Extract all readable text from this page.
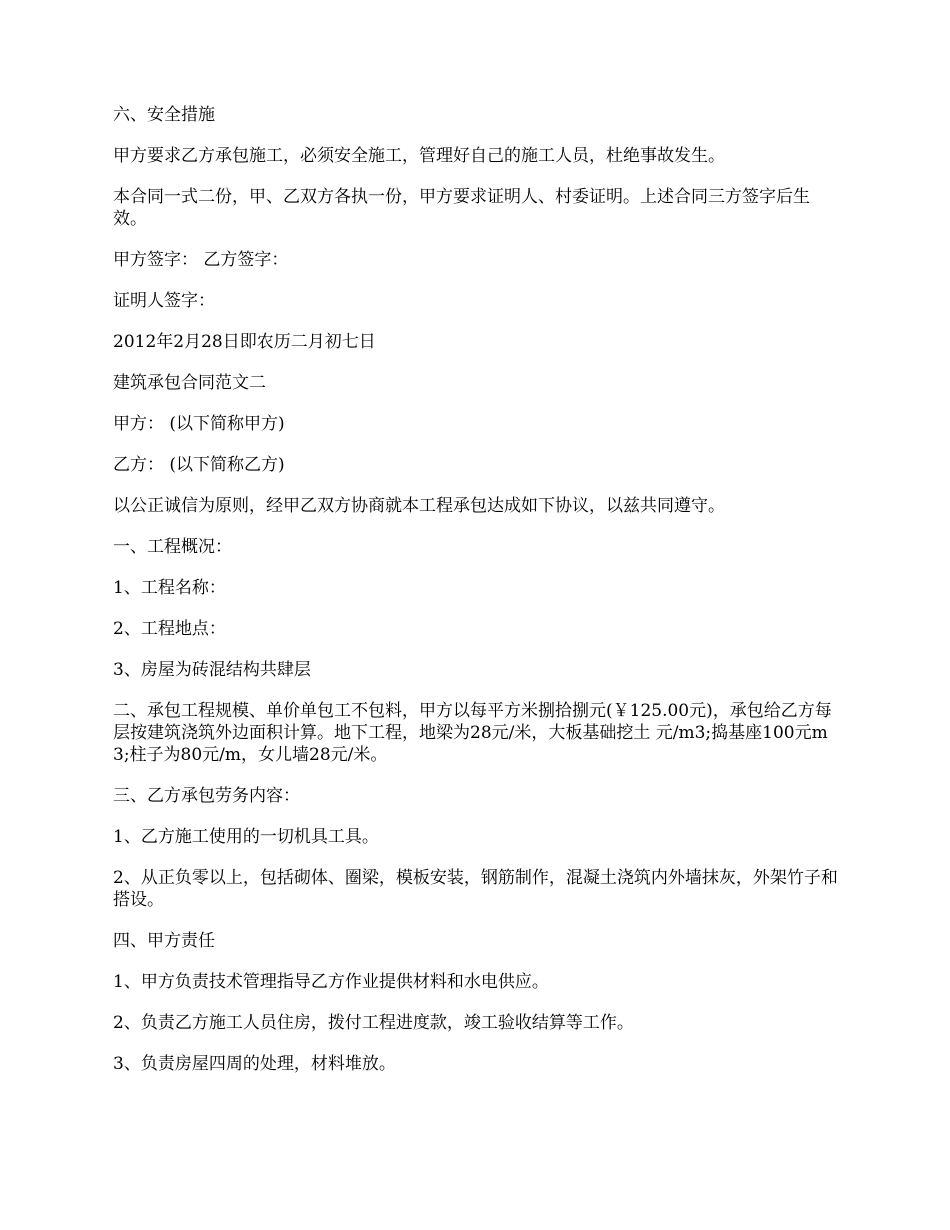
六、安全措施

甲方要求乙方承包施工，必须安全施工，管理好自己的施工人员，杜绝事故发生。

本合同一式二份，甲、乙双方各执一份，甲方要求证明人、村委证明。上述合同三方签字后生效。

甲方签字： 乙方签字：

证明人签字：

2012年2月28日即农历二月初七日

建筑承包合同范文二

甲方： (以下简称甲方)

乙方： (以下简称乙方)

以公正诚信为原则，经甲乙双方协商就本工程承包达成如下协议，以兹共同遵守。

一、工程概况：

1、工程名称：

2、工程地点：

3、房屋为砖混结构共肆层

二、承包工程规模、单价单包工不包料，甲方以每平方米捌拾捌元(￥125.00元)，承包给乙方每层按建筑浇筑外边面积计算。地下工程，地梁为28元/米，大板基础挖土 元/m3;捣基座100元m3;柱子为80元/m，女儿墙28元/米。

三、乙方承包劳务内容：

1、乙方施工使用的一切机具工具。

2、从正负零以上，包括砌体、圈梁，模板安装，钢筋制作，混凝土浇筑内外墙抹灰，外架竹子和搭设。

四、甲方责任

1、甲方负责技术管理指导乙方作业提供材料和水电供应。

2、负责乙方施工人员住房，拨付工程进度款，竣工验收结算等工作。

3、负责房屋四周的处理，材料堆放。
